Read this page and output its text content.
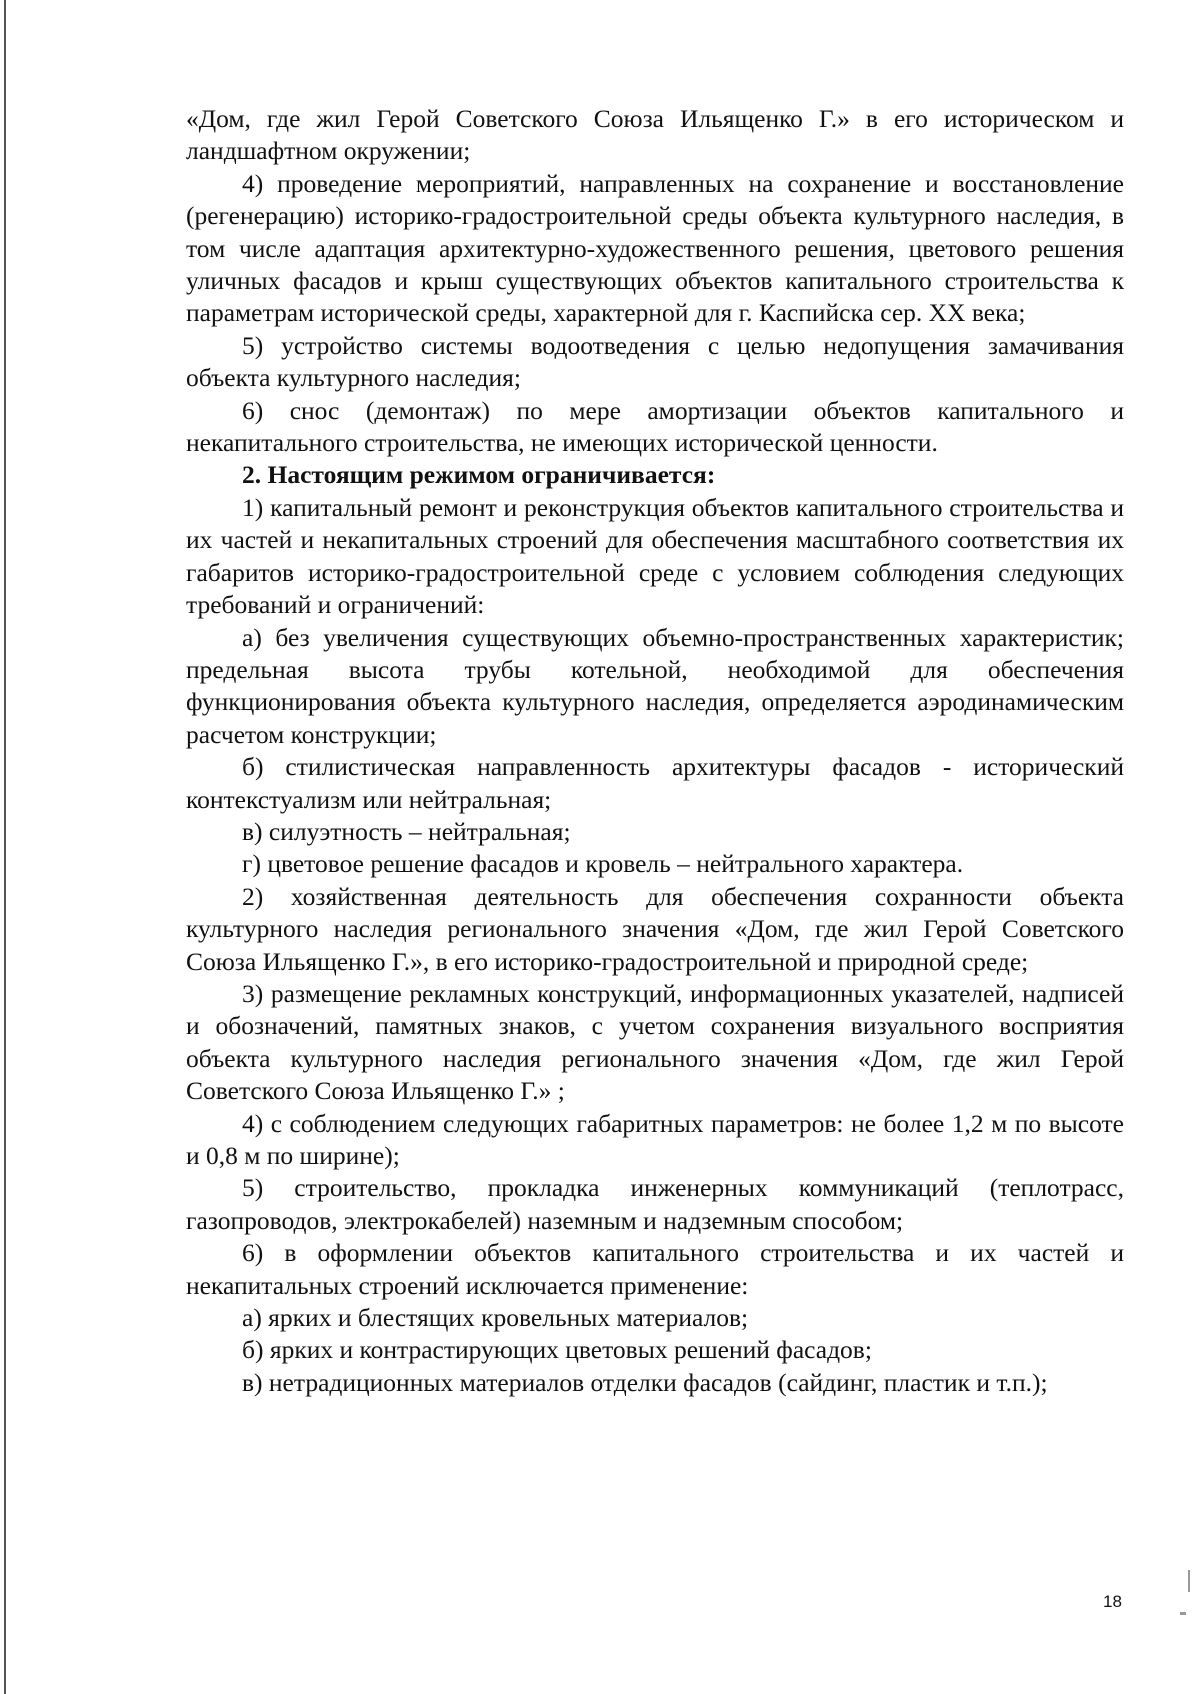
«Дом, где жил Герой Советского Союза Ильященко Г.» в его историческом и ландшафтном окружении;

4) проведение мероприятий, направленных на сохранение и восстановление (регенерацию) историко-градостроительной среды объекта культурного наследия, в том числе адаптация архитектурно-художественного решения, цветового решения уличных фасадов и крыш существующих объектов капитального строительства к параметрам исторической среды, характерной для г. Каспийска сер. XX века;

5) устройство системы водоотведения с целью недопущения замачивания объекта культурного наследия;

6) снос (демонтаж) по мере амортизации объектов капитального и некапитального строительства, не имеющих исторической ценности.

2. Настоящим режимом ограничивается:

1) капитальный ремонт и реконструкция объектов капитального строительства и их частей и некапитальных строений для обеспечения масштабного соответствия их габаритов историко-градостроительной среде с условием соблюдения следующих требований и ограничений:

а) без увеличения существующих объемно-пространственных характеристик; предельная высота трубы котельной, необходимой для обеспечения функционирования объекта культурного наследия, определяется аэродинамическим расчетом конструкции;

б) стилистическая направленность архитектуры фасадов - исторический контекстуализм или нейтральная;

в) силуэтность – нейтральная;

г) цветовое решение фасадов и кровель – нейтрального характера.

2) хозяйственная деятельность для обеспечения сохранности объекта культурного наследия регионального значения «Дом, где жил Герой Советского Союза Ильященко Г.», в его историко-градостроительной и природной среде;

3) размещение рекламных конструкций, информационных указателей, надписей и обозначений, памятных знаков, с учетом сохранения визуального восприятия объекта культурного наследия регионального значения «Дом, где жил Герой Советского Союза Ильященко Г.» ;

4) с соблюдением следующих габаритных параметров: не более 1,2 м по высоте и 0,8 м по ширине);

5) строительство, прокладка инженерных коммуникаций (теплотрасс, газопроводов, электрокабелей) наземным и надземным способом;

6) в оформлении объектов капитального строительства и их частей и некапитальных строений исключается применение:

а) ярких и блестящих кровельных материалов;

б) ярких и контрастирующих цветовых решений фасадов;

в) нетрадиционных материалов отделки фасадов (сайдинг, пластик и т.п.);

18
